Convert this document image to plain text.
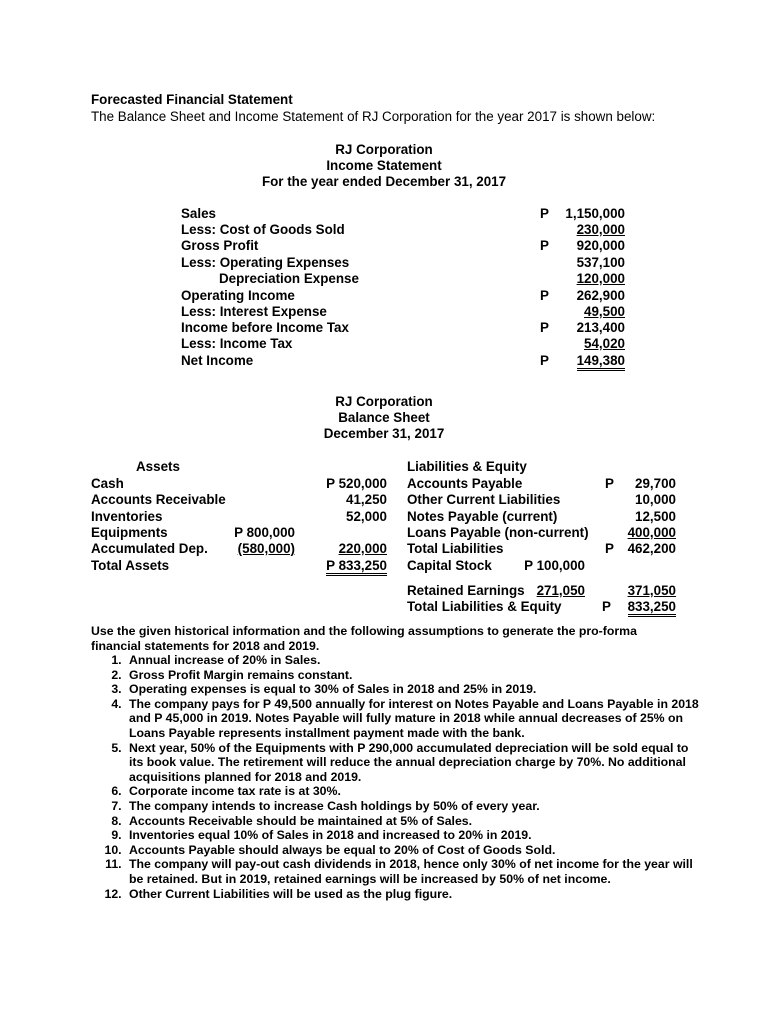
Forecasted Financial Statement
The Balance Sheet and Income Statement of RJ Corporation for the year 2017 is shown below:
RJ Corporation
Income Statement
For the year ended December 31, 2017
Sales	P	1,150,000
Less: Cost of Goods Sold	230,000
Gross Profit	P	920,000
Less: Operating Expenses	537,100
Depreciation Expense	120,000
Operating Income	P	262,900
Less: Interest Expense	49,500
Income before Income Tax	P	213,400
Less: Income Tax	54,020
Net Income	P	149,380
RJ Corporation
Balance Sheet
December 31, 2017
Assets
Cash	P 520,000
Accounts Receivable	41,250
Inventories	52,000
Equipments	P 800,000
Accumulated Dep.	(580,000)	220,000
Total Assets	P 833,250
Liabilities & Equity
Accounts Payable	P	29,700
Other Current Liabilities	10,000
Notes Payable (current)	12,500
Loans Payable (non-current)	400,000
Total Liabilities	P	462,200
Capital Stock	P 100,000
Retained Earnings 271,050	371,050
Total Liabilities & Equity	P	833,250
Use the given historical information and the following assumptions to generate the pro-forma financial statements for 2018 and 2019.
1. Annual increase of 20% in Sales.
2. Gross Profit Margin remains constant.
3. Operating expenses is equal to 30% of Sales in 2018 and 25% in 2019.
4. The company pays for P 49,500 annually for interest on Notes Payable and Loans Payable in 2018 and P 45,000 in 2019. Notes Payable will fully mature in 2018 while annual decreases of 25% on Loans Payable represents installment payment made with the bank.
5. Next year, 50% of the Equipments with P 290,000 accumulated depreciation will be sold equal to its book value. The retirement will reduce the annual depreciation charge by 70%. No additional acquisitions planned for 2018 and 2019.
6. Corporate income tax rate is at 30%.
7. The company intends to increase Cash holdings by 50% of every year.
8. Accounts Receivable should be maintained at 5% of Sales.
9. Inventories equal 10% of Sales in 2018 and increased to 20% in 2019.
10. Accounts Payable should always be equal to 20% of Cost of Goods Sold.
11. The company will pay-out cash dividends in 2018, hence only 30% of net income for the year will be retained. But in 2019, retained earnings will be increased by 50% of net income.
12. Other Current Liabilities will be used as the plug figure.
